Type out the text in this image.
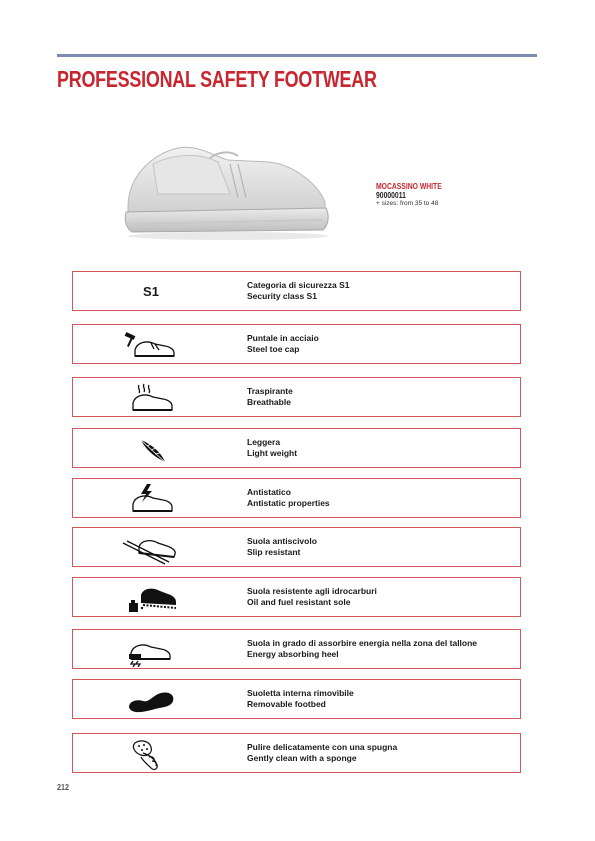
PROFESSIONAL SAFETY FOOTWEAR
MOCASSINO WHITE
90000011
+ sizes: from 35 to 48
S1	Categoria di sicurezza S1
Security class S1
Puntale in acciaio
Steel toe cap
Traspirante
Breathable
Leggera
Light weight
Antistatico
Antistatic properties
Suola antiscivolo
Slip resistant
Suola resistente agli idrocarburi
Oil and fuel resistant sole
Suola in grado di assorbire energia nella zona del tallone
Energy absorbing heel
Suoletta interna rimovibile
Removable footbed
Pulire delicatamente con una spugna
Gently clean with a sponge
212
